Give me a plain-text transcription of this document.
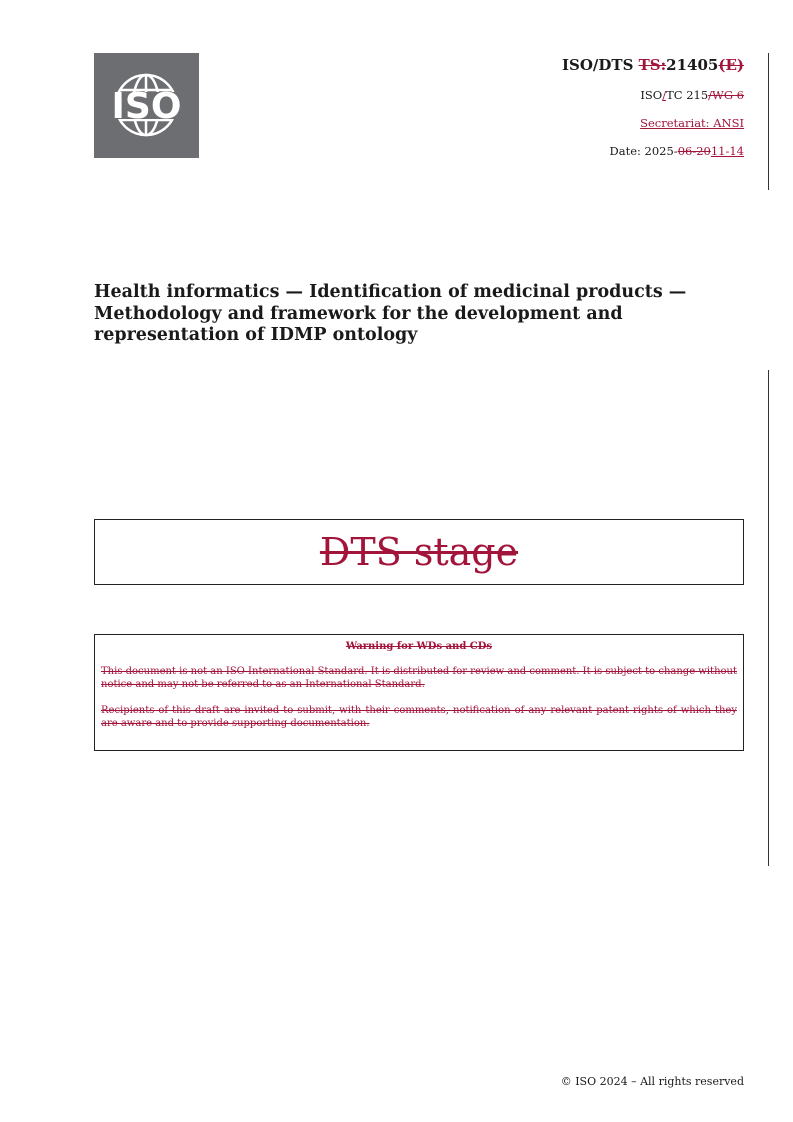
ISO
ISO/DTS TS:21405(E)
ISO/TC 215/WG 6
Secretariat: ANSI
Date: 2025-06-2011-14
Health informatics — Identification of medicinal products — Methodology and framework for the development and representation of IDMP ontology
DTS stage
Warning for WDs and CDs
This document is not an ISO International Standard. It is distributed for review and comment. It is subject to change without notice and may not be referred to as an International Standard.
Recipients of this draft are invited to submit, with their comments, notification of any relevant patent rights of which they are aware and to provide supporting documentation.
© ISO 2024 – All rights reserved
